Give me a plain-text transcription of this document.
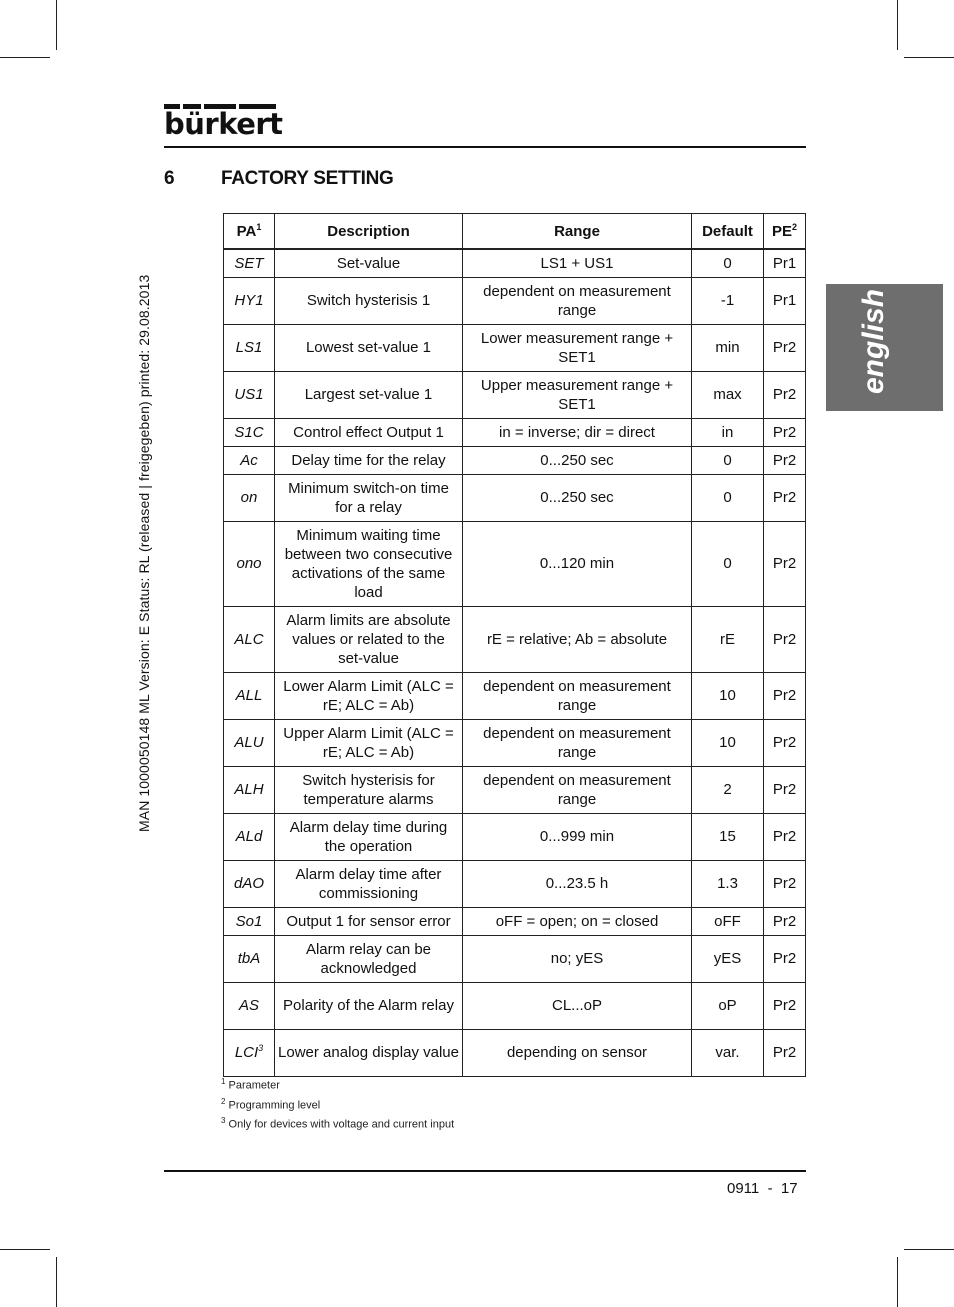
bürkert
6 FACTORY SETTING
MAN 1000050148 ML Version: E Status: RL (released | freigegeben) printed: 29.08.2013	english
$PA^1$	Description	Range	Default	$PE^2$
SET	Set-value	LS1 + US1	0	Pr1
HY1	Switch hysterisis 1	dependent on measurement range	-1	Pr1
LS1	Lowest set-value 1	Lower measurement range + SET1	min	Pr2
US1	Largest set-value 1	Upper measurement range + SET1	max	Pr2
S1C	Control effect Output 1	in = inverse; dir = direct	in	Pr2
Ac	Delay time for the relay	0...250 sec	0	Pr2
on	Minimum switch-on time for a relay	0...250 sec	0	Pr2
ono	Minimum waiting time between two consecutive activations of the same load	0...120 min	0	Pr2
ALC	Alarm limits are absolute values or related to the set-value	rE = relative; Ab = absolute	rE	Pr2
ALL	Lower Alarm Limit (ALC = rE; ALC = Ab)	dependent on measurement range	10	Pr2
ALU	Upper Alarm Limit (ALC = rE; ALC = Ab)	dependent on measurement range	10	Pr2
ALH	Switch hysterisis for temperature alarms	dependent on measurement range	2	Pr2
ALd	Alarm delay time during the operation	0...999 min	15	Pr2
dAO	Alarm delay time after commissioning	0...23.5 h	1.3	Pr2
So1	Output 1 for sensor error	oFF = open; on = closed	oFF	Pr2
tbA	Alarm relay can be acknowledged	no; yES	yES	Pr2
AS	Polarity of the Alarm relay	CL...oP	oP	Pr2
LCI$^3$	Lower analog display value	depending on sensor	var.	Pr2
$^1$ Parameter
$^2$ Programming level
$^3$ Only for devices with voltage and current input
0911  -  17
